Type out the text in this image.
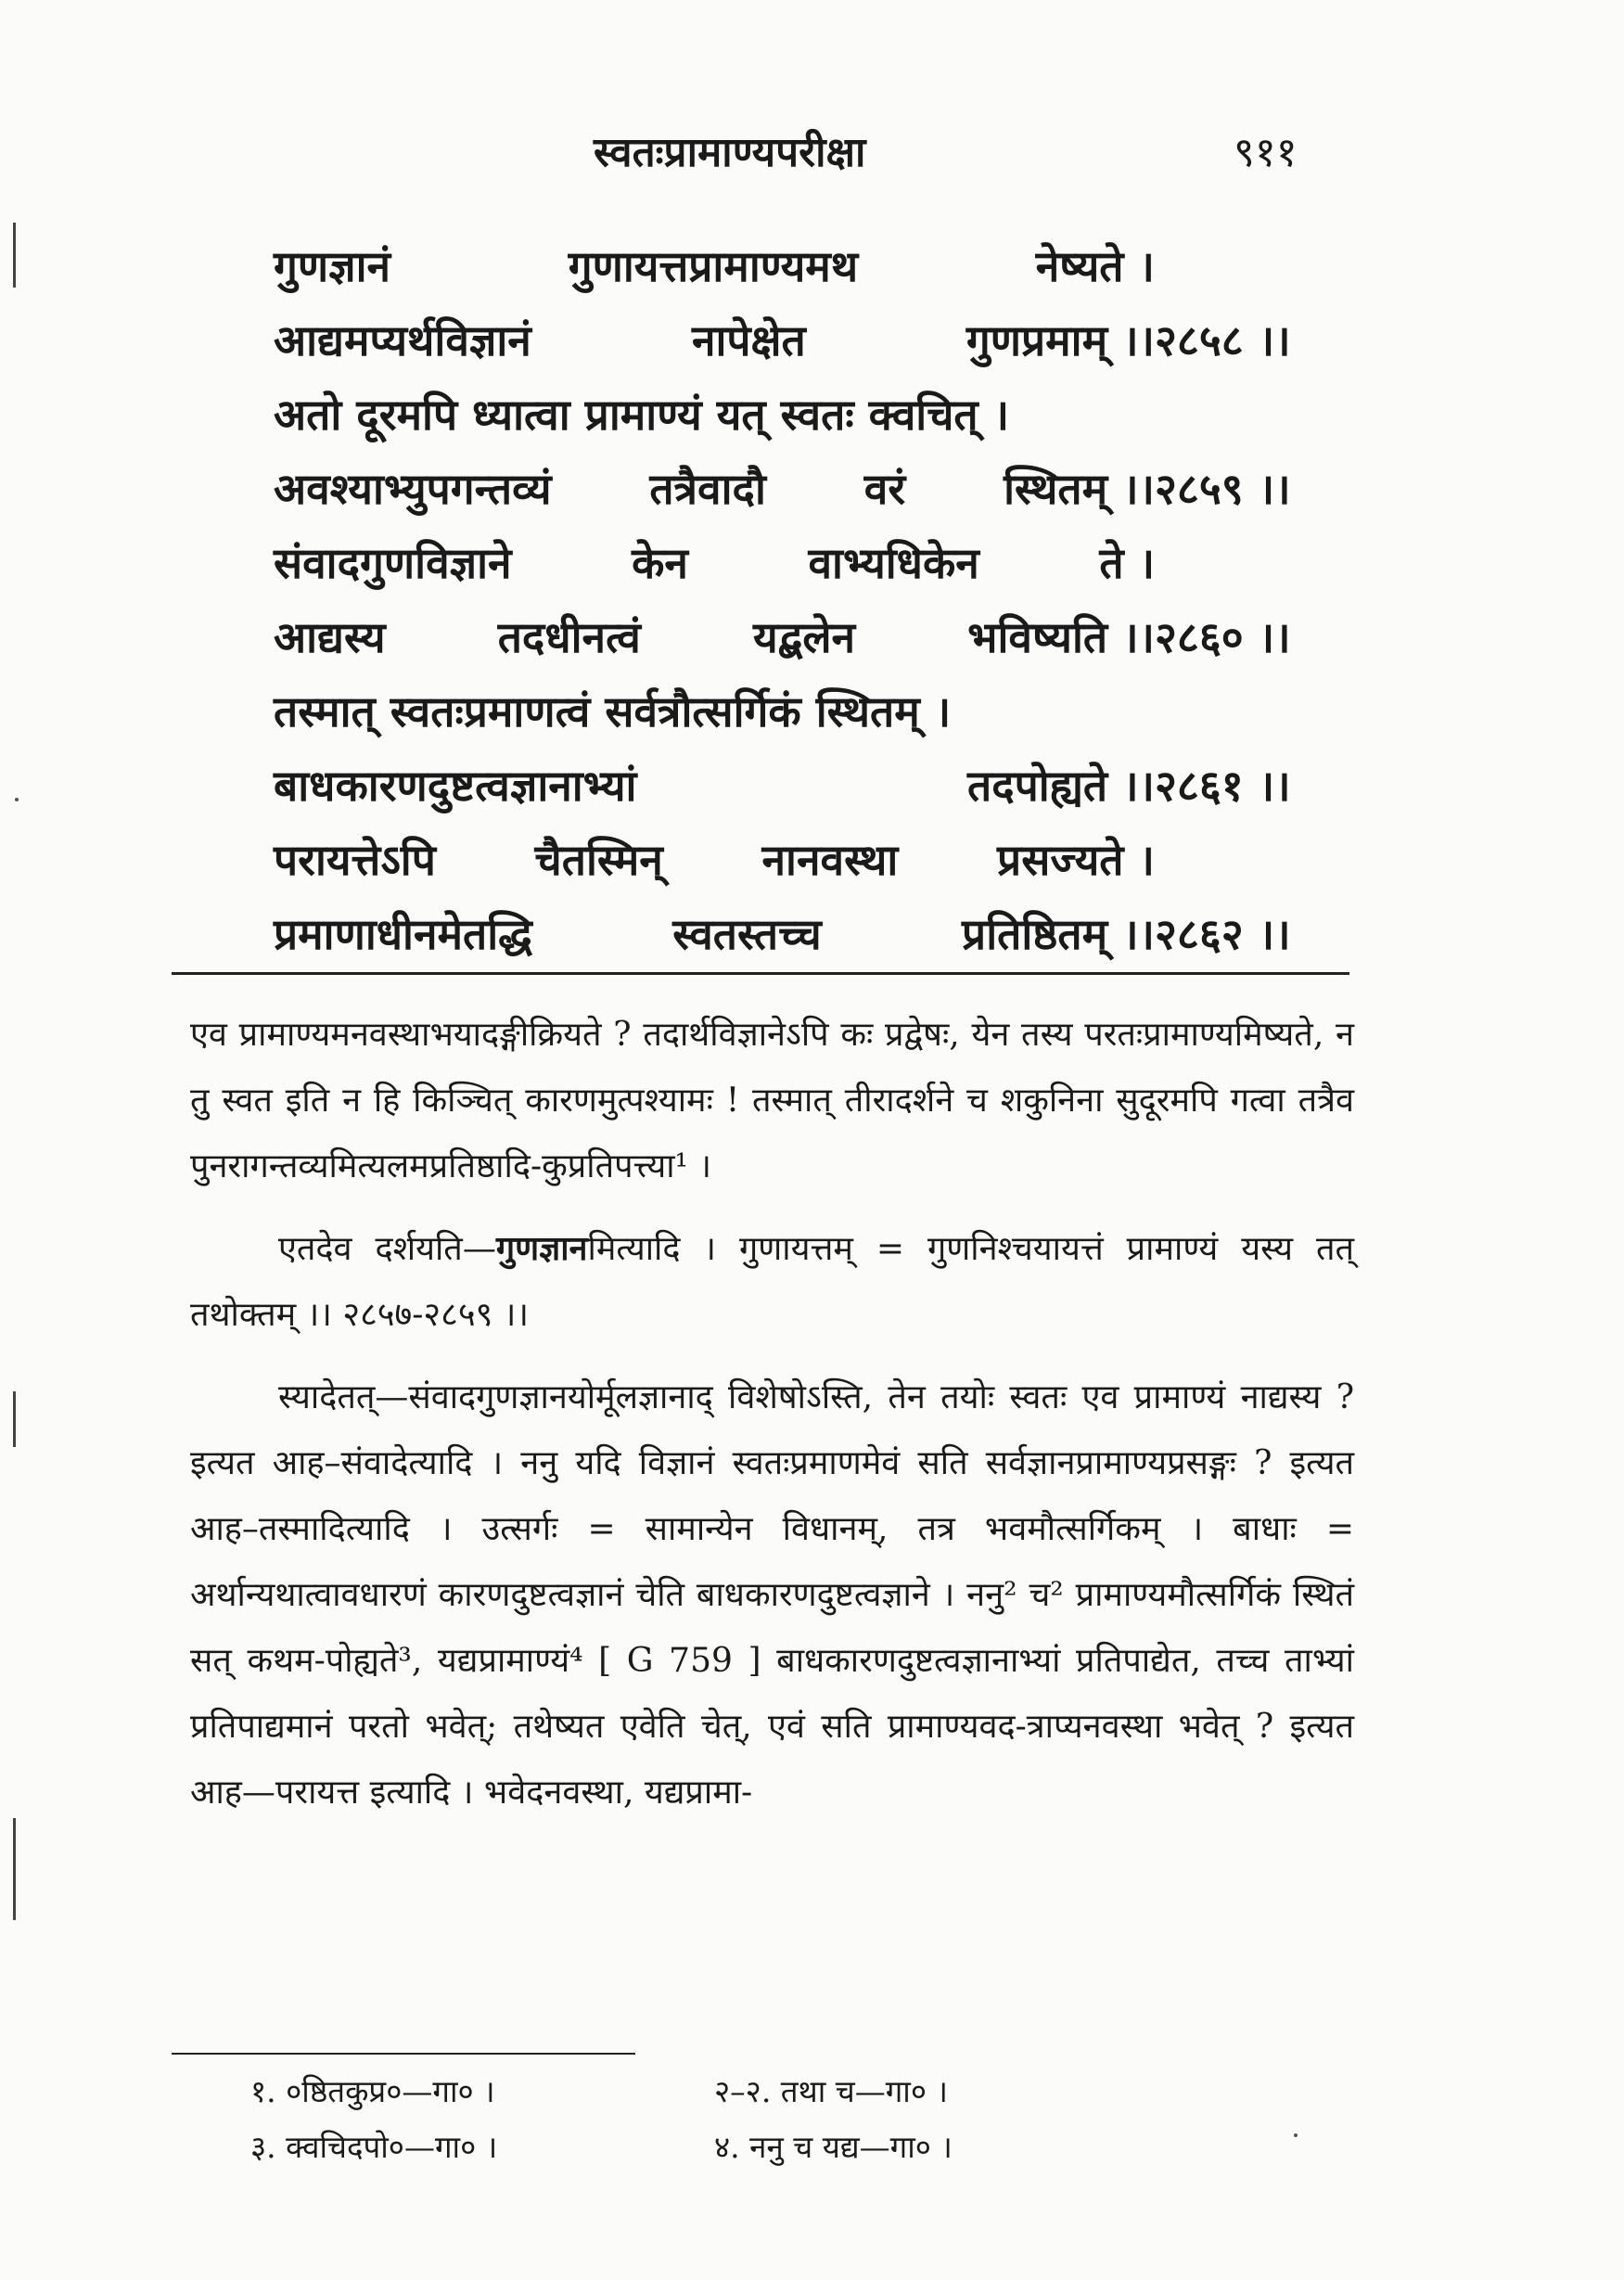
स्वतःप्रामाण्यपरीक्षा	९११
गुणज्ञानं	गुणायत्तप्रामाण्यमथ	नेष्यते ।
आद्यमप्यर्थविज्ञानं	नापेक्षेत	गुणप्रमाम् ।। २८५८ ।।
अतो दूरमपि ध्यात्वा प्रामाण्यं यत् स्वतः क्वचित् ।
अवश्याभ्युपगन्तव्यं तत्रैवादौ वरं स्थितम् ।। २८५९ ।।
संवादगुणविज्ञाने	केन	वाभ्यधिकेन	ते ।
आद्यस्य	तदधीनत्वं	यद्बलेन	भविष्यति ।। २८६० ।।
तस्मात् स्वतःप्रमाणत्वं सर्वत्रौत्सर्गिकं स्थितम् ।
बाधकारणदुष्टत्वज्ञानाभ्यां	तदपोह्यते ।। २८६१ ।।
परायत्तेऽपि चैतस्मिन् नानवस्था प्रसज्यते ।
प्रमाणाधीनमेतद्धि	स्वतस्तच्च	प्रतिष्ठितम् ।। २८६२ ।।

एव प्रामाण्यमनवस्थाभयादङ्गीक्रियते ? तदार्थविज्ञानेऽपि कः प्रद्वेषः, येन तस्य परतःप्रामाण्यमिष्यते, न तु स्वत इति न हि किञ्चित् कारणमुत्पश्यामः ! तस्मात् तीरादर्शने च शकुनिना सुदूरमपि गत्वा तत्रैव पुनरागन्तव्यमित्यलमप्रतिष्ठादि-कुप्रतिपत्त्या¹ ।

एतदेव दर्शयति—गुणज्ञानमित्यादि । गुणायत्तम् = गुणनिश्चयायत्तं प्रामाण्यं यस्य तत् तथोक्तम् ।। २८५७-२८५९ ।।

स्यादेतत्—संवादगुणज्ञानयोर्मूलज्ञानाद् विशेषोऽस्ति, तेन तयोः स्वतः एव प्रामाण्यं नाद्यस्य ? इत्यत आह–संवादेत्यादि । ननु यदि विज्ञानं स्वतःप्रमाणमेवं सति सर्वज्ञानप्रामाण्यप्रसङ्गः ? इत्यत आह–तस्मादित्यादि । उत्सर्गः = सामान्येन विधानम्, तत्र भवमौत्सर्गिकम् । बाधाः = अर्थान्यथात्वावधारणं कारणदुष्टत्वज्ञानं चेति बाधकारणदुष्टत्वज्ञाने । ननु² च² प्रामाण्यमौत्सर्गिकं स्थितं सत् कथम-पोह्यते³, यद्यप्रामाण्यं⁴ [ G 759 ] बाधकारणदुष्टत्वज्ञानाभ्यां प्रतिपाद्येत, तच्च ताभ्यां प्रतिपाद्यमानं परतो भवेत्; तथेष्यत एवेति चेत्, एवं सति प्रामाण्यवद-त्राप्यनवस्था भवेत् ? इत्यत आह—परायत्त इत्यादि । भवेदनवस्था, यद्यप्रामा-

१. ०ष्ठितकुप्र०—गा० ।	२–२. तथा च—गा० ।
३. क्वचिदपो०—गा० ।	४. ननु च यद्य—गा० ।
